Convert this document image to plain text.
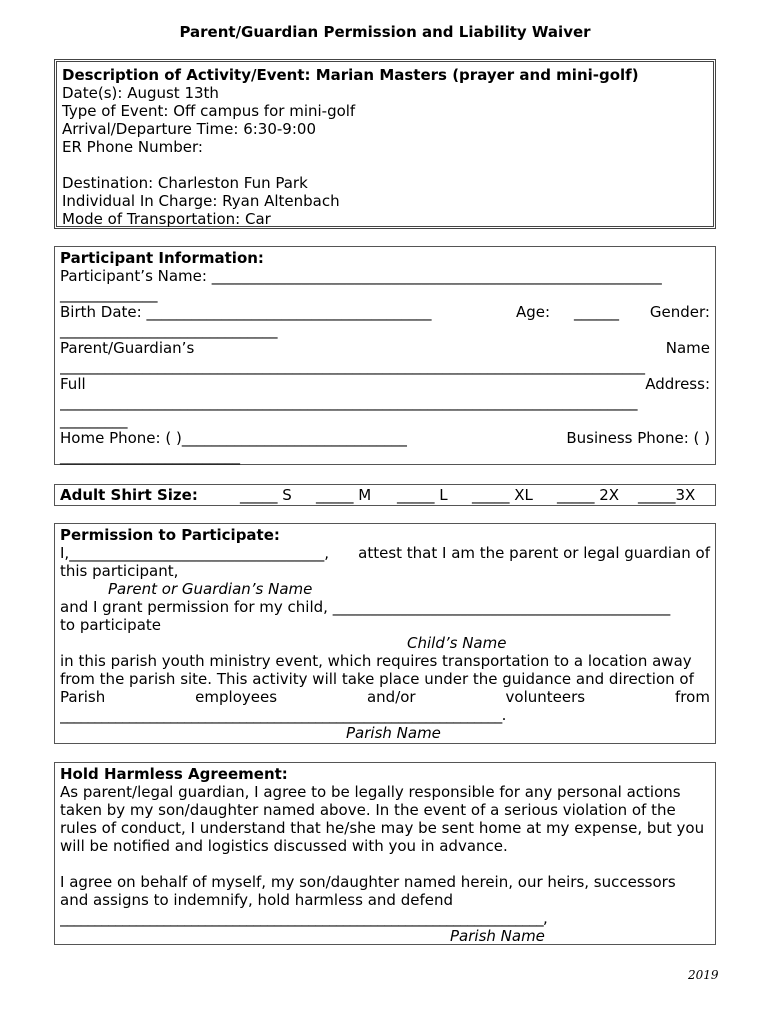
Parent/Guardian Permission and Liability Waiver
Description of Activity/Event: Marian Masters (prayer and mini-golf)
Date(s): August 13th
Type of Event: Off campus for mini-golf
Arrival/Departure Time: 6:30-9:00
ER Phone Number:
Destination: Charleston Fun Park
Individual In Charge: Ryan Altenbach
Mode of Transportation: Car
Participant Information:
Participant’s Name: ____________________________________________________________
_____________
Birth Date: ______________________________________	Age: ______ Gender:
_____________________________
Parent/Guardian’s	Name
______________________________________________________________________________
Full	Address:
_____________________________________________________________________________
_________
Home Phone: ( )______________________________	Business Phone: ( )
________________________
Adult Shirt Size:	_____ S _____ M _____ L _____ XL _____ 2X _____3X
Permission to Participate:
I,__________________________________, attest that I am the parent or legal guardian of
this participant,
Parent or Guardian’s Name
and I grant permission for my child, _____________________________________________
to participate
Child’s Name
in this parish youth ministry event, which requires transportation to a location away
from the parish site. This activity will take place under the guidance and direction of
Parish	employees	and/or	volunteers	from
________________________________________________________________.
Parish Name
Hold Harmless Agreement:
As parent/legal guardian, I agree to be legally responsible for any personal actions
taken by my son/daughter named above. In the event of a serious violation of the
rules of conduct, I understand that he/she may be sent home at my expense, but you
will be notified and logistics discussed with you in advance.
I agree on behalf of myself, my son/daughter named herein, our heirs, successors
and assigns to indemnify, hold harmless and defend
______________________________________________________________________,
Parish Name
2019
